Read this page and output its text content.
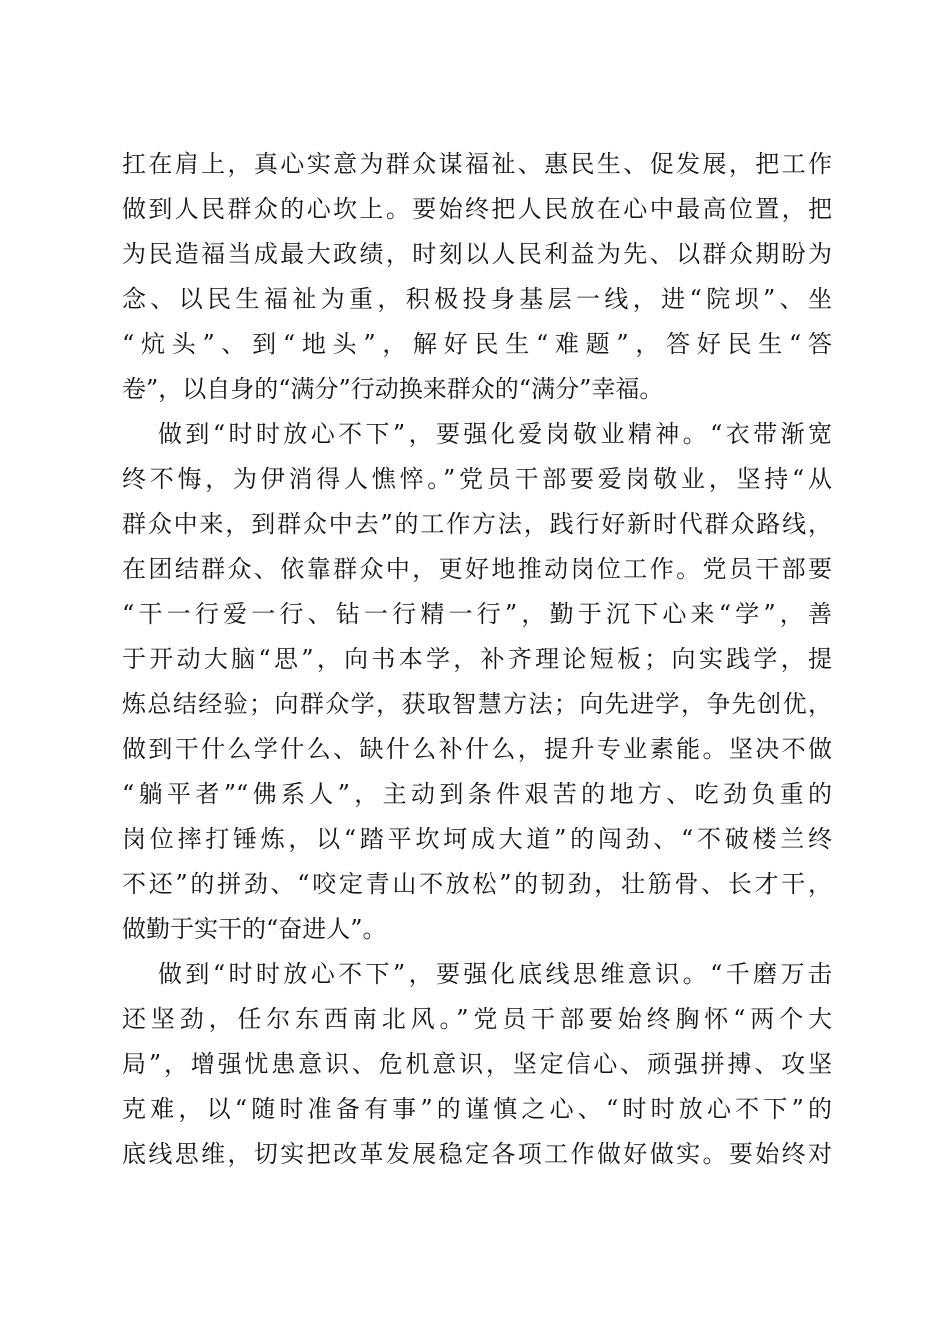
扛在肩上，真心实意为群众谋福祉、惠民生、促发展，把工作
做到人民群众的心坎上。要始终把人民放在心中最高位置，把
为民造福当成最大政绩，时刻以人民利益为先、以群众期盼为
念、以民生福祉为重，积极投身基层一线，进“院坝”、坐
“炕头”、到“地头”，解好民生“难题”，答好民生“答
卷”，以自身的“满分”行动换来群众的“满分”幸福。
做到“时时放心不下”，要强化爱岗敬业精神。“衣带渐宽
终不悔，为伊消得人憔悴。”党员干部要爱岗敬业，坚持“从
群众中来，到群众中去”的工作方法，践行好新时代群众路线，
在团结群众、依靠群众中，更好地推动岗位工作。党员干部要
“干一行爱一行、钻一行精一行”，勤于沉下心来“学”，善
于开动大脑“思”，向书本学，补齐理论短板；向实践学，提
炼总结经验；向群众学，获取智慧方法；向先进学，争先创优，
做到干什么学什么、缺什么补什么，提升专业素能。坚决不做
“躺平者”“佛系人”，主动到条件艰苦的地方、吃劲负重的
岗位摔打锤炼，以“踏平坎坷成大道”的闯劲、“不破楼兰终
不还”的拼劲、“咬定青山不放松”的韧劲，壮筋骨、长才干，
做勤于实干的“奋进人”。
做到“时时放心不下”，要强化底线思维意识。“千磨万击
还坚劲，任尔东西南北风。”党员干部要始终胸怀“两个大
局”，增强忧患意识、危机意识，坚定信心、顽强拼搏、攻坚
克难，以“随时准备有事”的谨慎之心、“时时放心不下”的
底线思维，切实把改革发展稳定各项工作做好做实。要始终对
